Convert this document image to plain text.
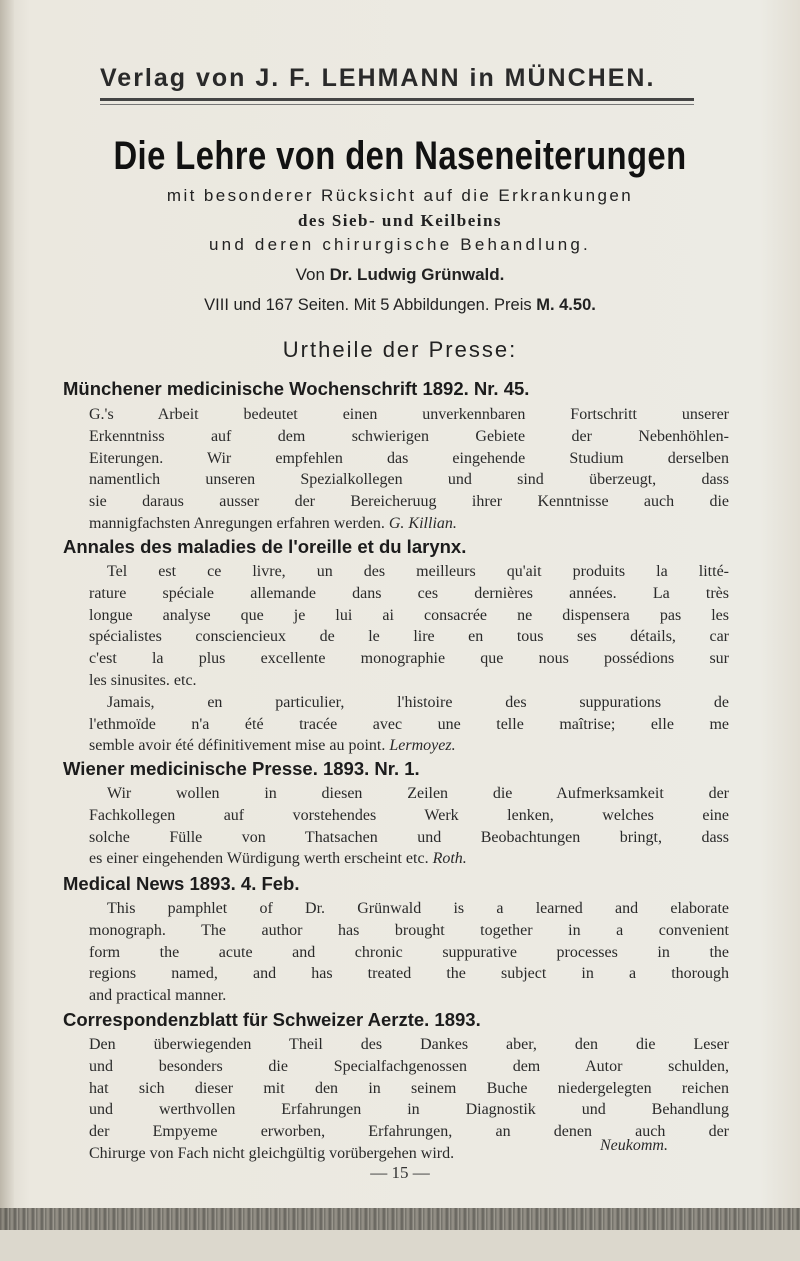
Verlag von J. F. LEHMANN in MÜNCHEN.
Die Lehre von den Naseneiterungen
mit besonderer Rücksicht auf die Erkrankungen
des Sieb- und Keilbeins
und deren chirurgische Behandlung.
Von Dr. Ludwig Grünwald.
VIII und 167 Seiten. Mit 5 Abbildungen. Preis M. 4.50.
Urtheile der Presse:
Münchener medicinische Wochenschrift 1892. Nr. 45.
G.'s Arbeit bedeutet einen unverkennbaren Fortschritt unserer
Erkenntniss auf dem schwierigen Gebiete der Nebenhöhlen-
Eiterungen. Wir empfehlen das eingehende Studium derselben
namentlich unseren Spezialkollegen und sind überzeugt, dass
sie daraus ausser der Bereicheruug ihrer Kenntnisse auch die
mannigfachsten Anregungen erfahren werden. G. Killian.
Annales des maladies de l'oreille et du larynx.
Tel est ce livre, un des meilleurs qu'ait produits la litté-
rature spéciale allemande dans ces dernières années. La très
longue analyse que je lui ai consacrée ne dispensera pas les
spécialistes consciencieux de le lire en tous ses détails, car
c'est la plus excellente monographie que nous possédions sur
les sinusites. etc.
Jamais, en particulier, l'histoire des suppurations de
l'ethmoïde n'a été tracée avec une telle maîtrise; elle me
semble avoir été définitivement mise au point. Lermoyez.
Wiener medicinische Presse. 1893. Nr. 1.
Wir wollen in diesen Zeilen die Aufmerksamkeit der
Fachkollegen auf vorstehendes Werk lenken, welches eine
solche Fülle von Thatsachen und Beobachtungen bringt, dass
es einer eingehenden Würdigung werth erscheint etc. Roth.
Medical News 1893. 4. Feb.
This pamphlet of Dr. Grünwald is a learned and elaborate
monograph. The author has brought together in a convenient
form the acute and chronic suppurative processes in the
regions named, and has treated the subject in a thorough
and practical manner.
Correspondenzblatt für Schweizer Aerzte. 1893.
Den überwiegenden Theil des Dankes aber, den die Leser
und besonders die Specialfachgenossen dem Autor schulden,
hat sich dieser mit den in seinem Buche niedergelegten reichen
und werthvollen Erfahrungen in Diagnostik und Behandlung
der Empyeme erworben, Erfahrungen, an denen auch der
Chirurge von Fach nicht gleichgültig vorübergehen wird.	Neukomm.
— 15 —
